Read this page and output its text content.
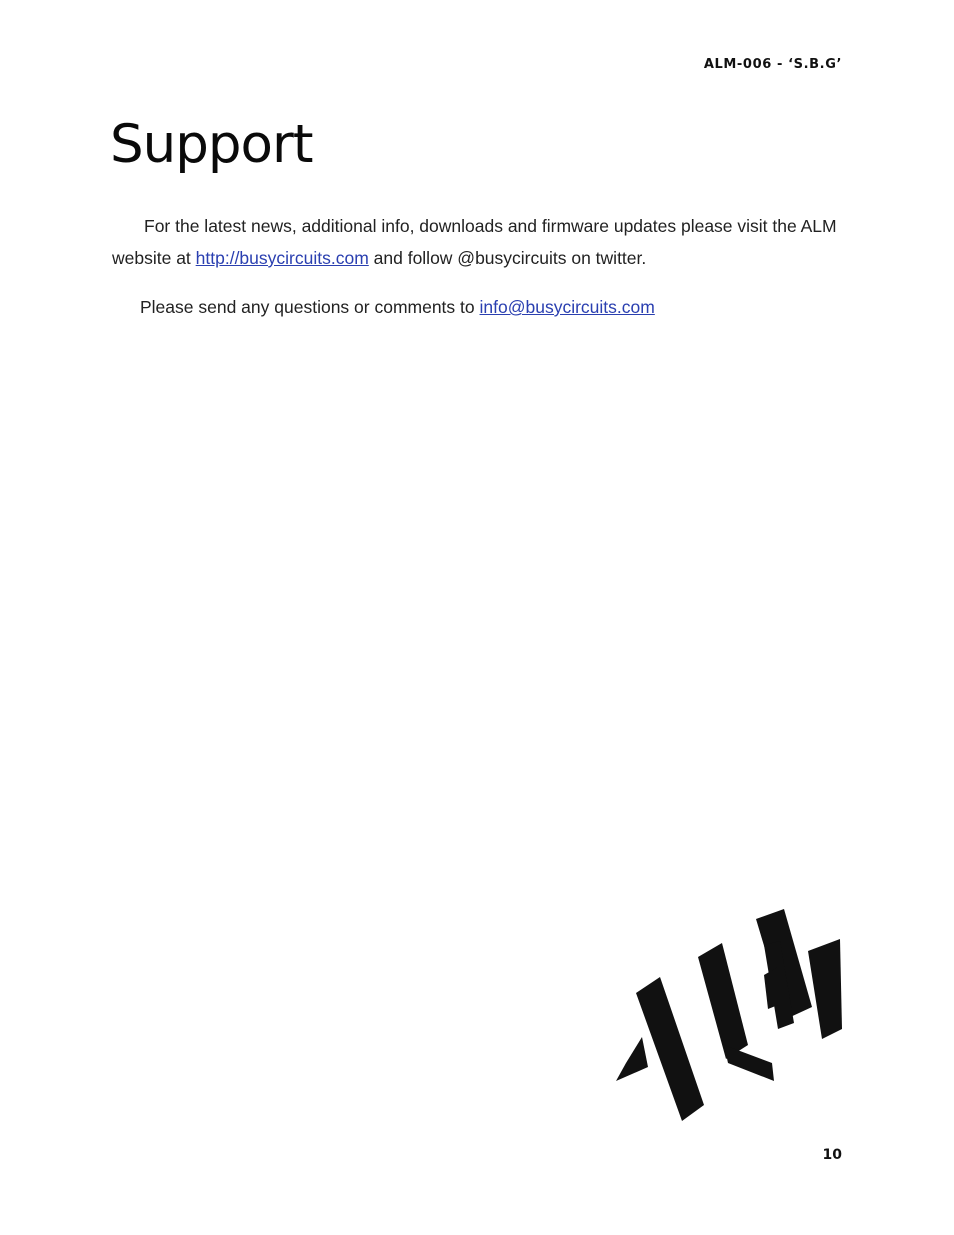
ALM-006 - ‘S.B.G’
Support

For the latest news, additional info, downloads and firmware updates please visit the ALM website at http://busycircuits.com and follow @busycircuits on twitter.

Please send any questions or comments to info@busycircuits.com

10
